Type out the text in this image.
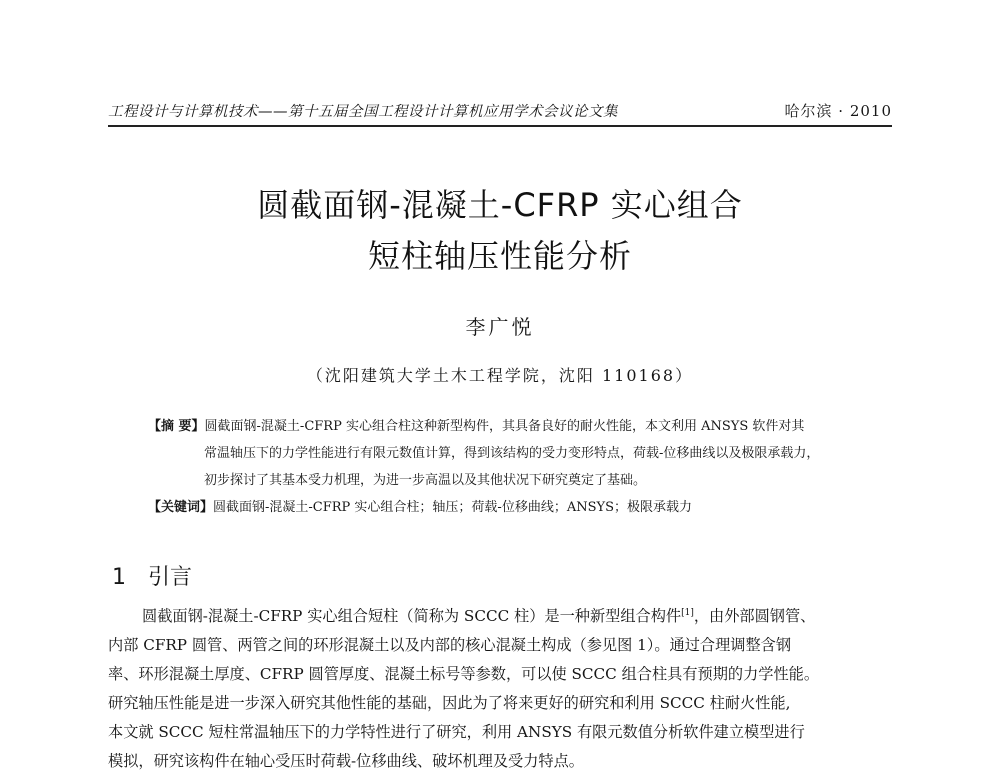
工程设计与计算机技术——第十五届全国工程设计计算机应用学术会议论文集	哈尔滨 · 2010
圆截面钢-混凝土-CFRP 实心组合
短柱轴压性能分析
李广悦
（沈阳建筑大学土木工程学院，沈阳 110168）
【摘 要】圆截面钢-混凝土-CFRP 实心组合柱这种新型构件，其具备良好的耐火性能，本文利用 ANSYS 软件对其
常温轴压下的力学性能进行有限元数值计算，得到该结构的受力变形特点，荷载-位移曲线以及极限承载力，
初步探讨了其基本受力机理，为进一步高温以及其他状况下研究奠定了基础。
【关键词】圆截面钢-混凝土-CFRP 实心组合柱；轴压；荷载-位移曲线；ANSYS；极限承载力
1 引言
圆截面钢-混凝土-CFRP 实心组合短柱（简称为 SCCC 柱）是一种新型组合构件[1]，由外部圆钢管、
内部 CFRP 圆管、两管之间的环形混凝土以及内部的核心混凝土构成（参见图 1）。通过合理调整含钢
率、环形混凝土厚度、CFRP 圆管厚度、混凝土标号等参数，可以使 SCCC 组合柱具有预期的力学性能。
研究轴压性能是进一步深入研究其他性能的基础，因此为了将来更好的研究和利用 SCCC 柱耐火性能,
本文就 SCCC 短柱常温轴压下的力学特性进行了研究，利用 ANSYS 有限元数值分析软件建立模型进行
模拟，研究该构件在轴心受压时荷载-位移曲线、破坏机理及受力特点。
